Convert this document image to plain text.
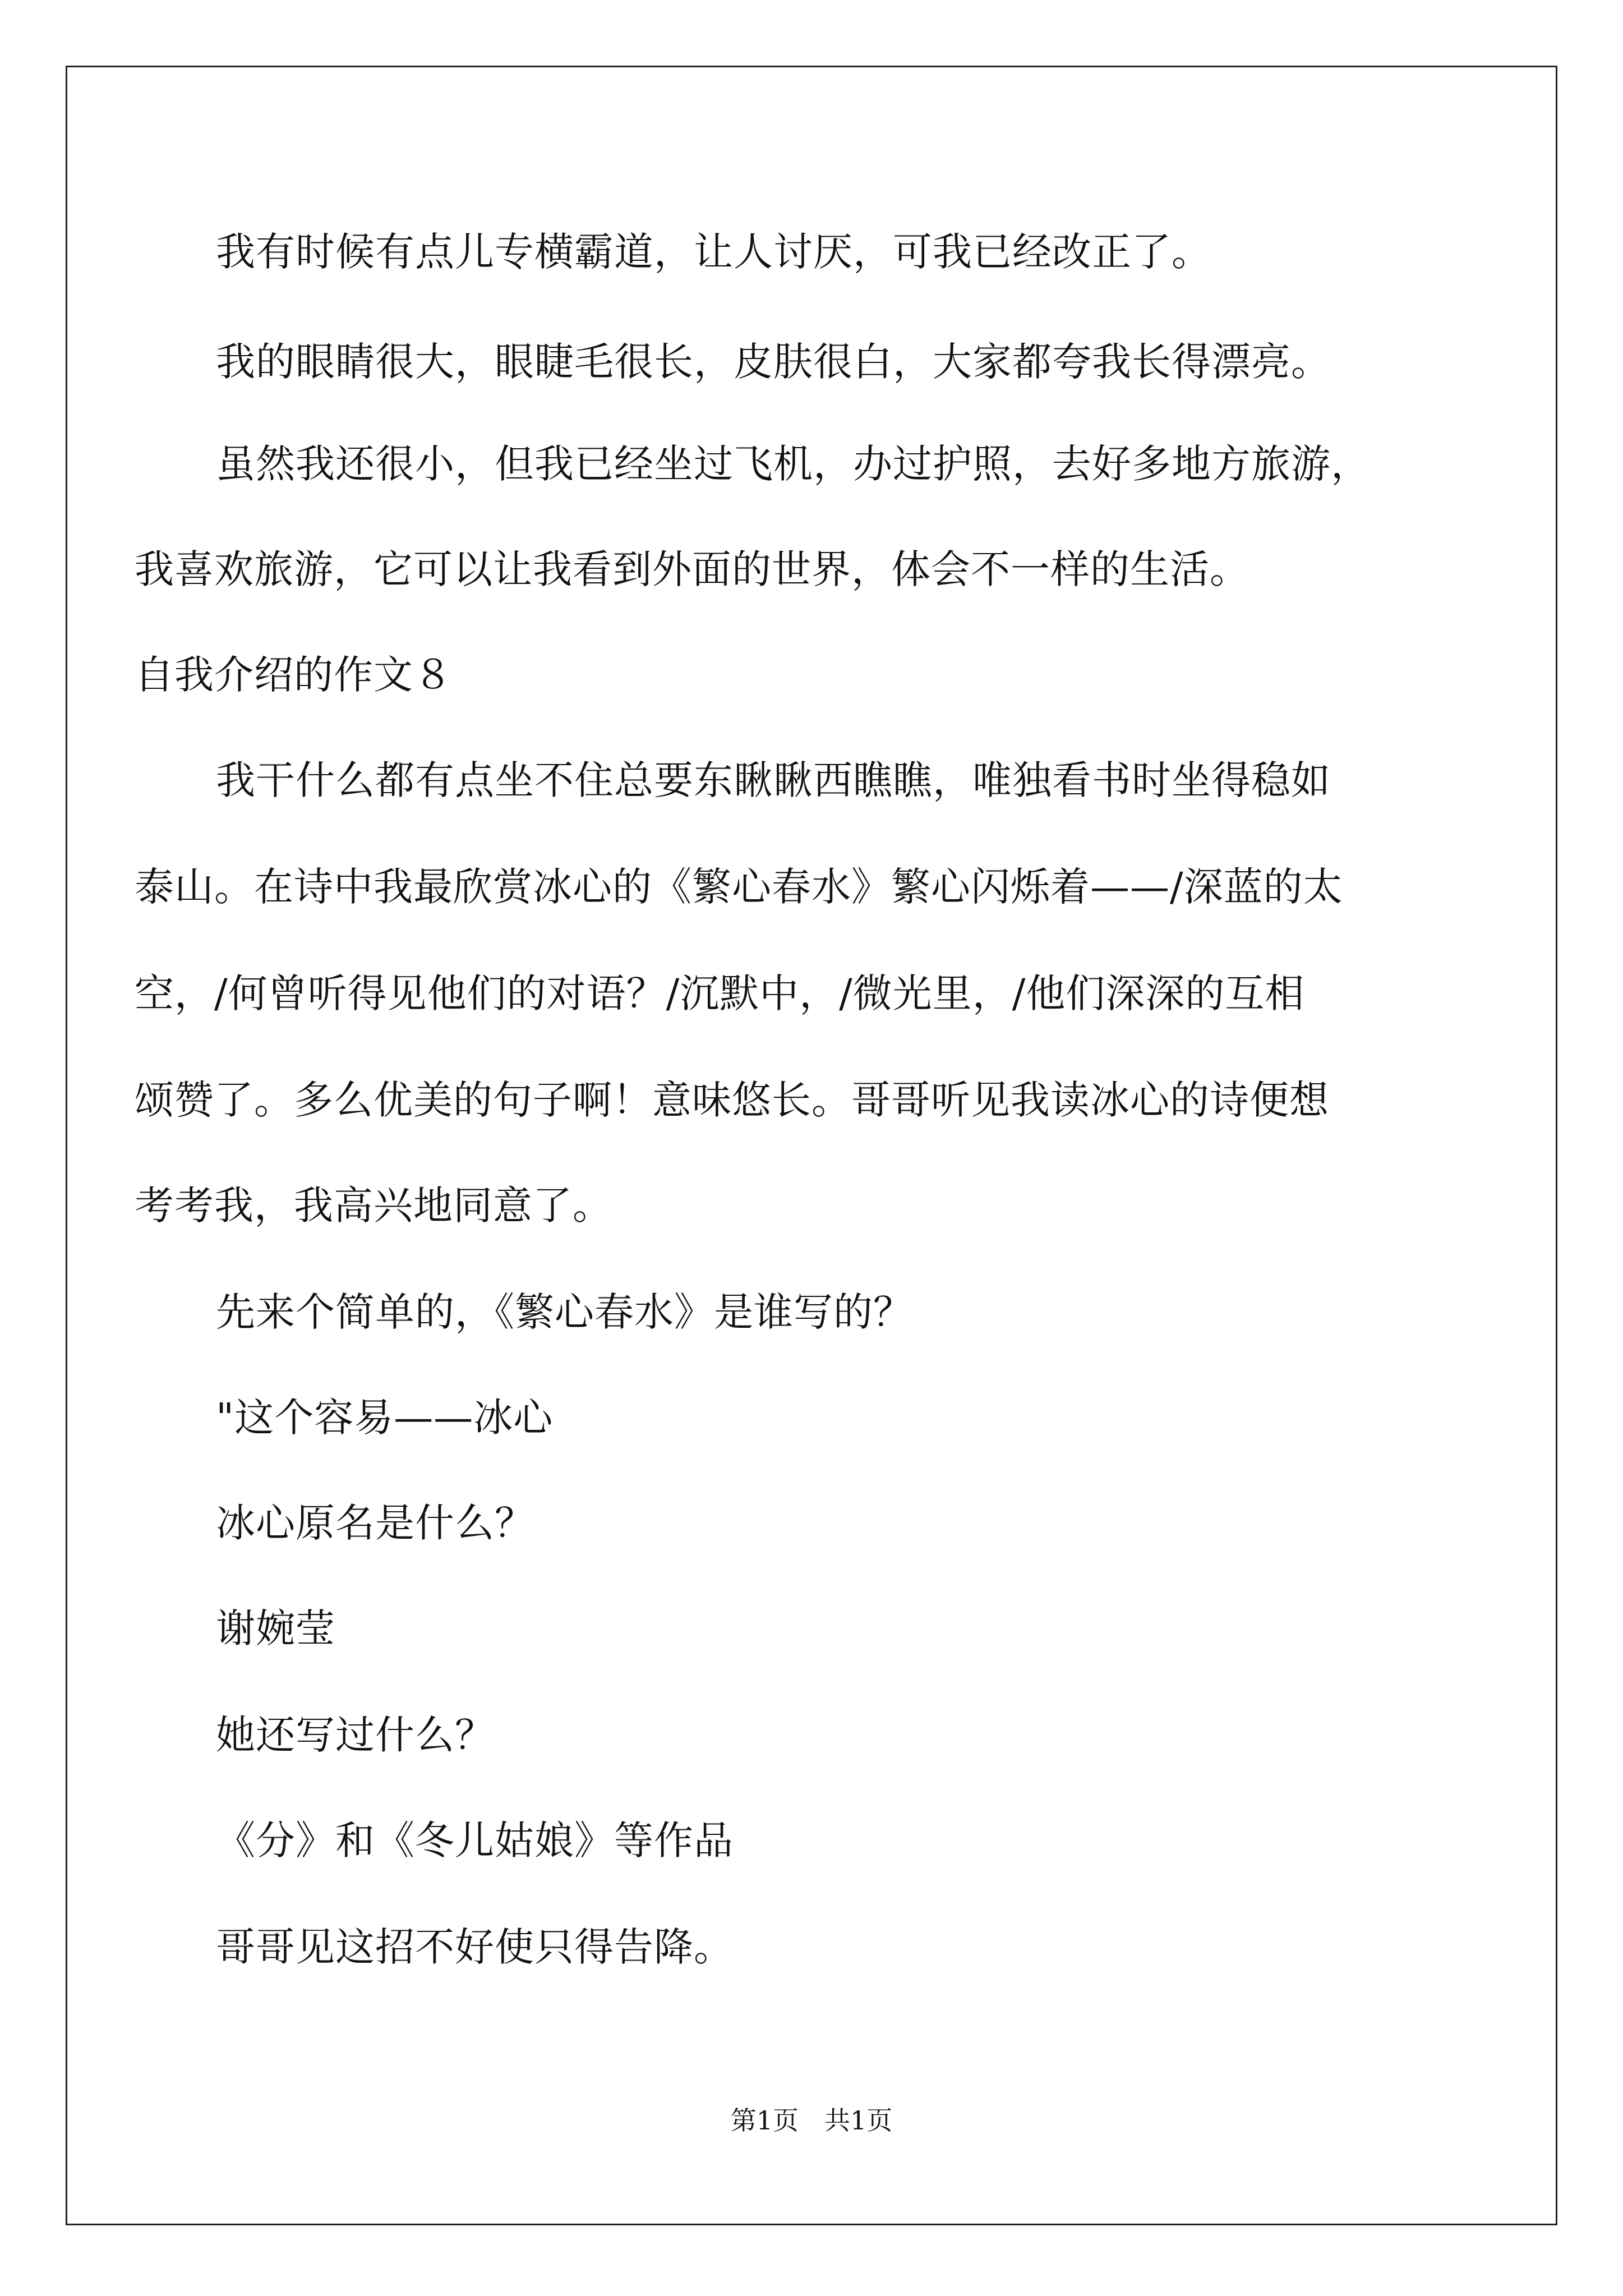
我有时候有点儿专横霸道，让人讨厌，可我已经改正了。
我的眼睛很大，眼睫毛很长，皮肤很白，大家都夸我长得漂亮。
虽然我还很小，但我已经坐过飞机，办过护照，去好多地方旅游，
我喜欢旅游，它可以让我看到外面的世界，体会不一样的生活。
自我介绍的作文８
我干什么都有点坐不住总要东瞅瞅西瞧瞧，唯独看书时坐得稳如
泰山。在诗中我最欣赏冰心的《繁心春水》繁心闪烁着——/深蓝的太
空，/何曾听得见他们的对语？/沉默中，/微光里，/他们深深的互相
颂赞了。多么优美的句子啊！意味悠长。哥哥听见我读冰心的诗便想
考考我，我高兴地同意了。
先来个简单的，《繁心春水》是谁写的？
"这个容易——冰心
冰心原名是什么？
谢婉莹
她还写过什么？
《分》和《冬儿姑娘》等作品
哥哥见这招不好使只得告降。
第1页　共1页
